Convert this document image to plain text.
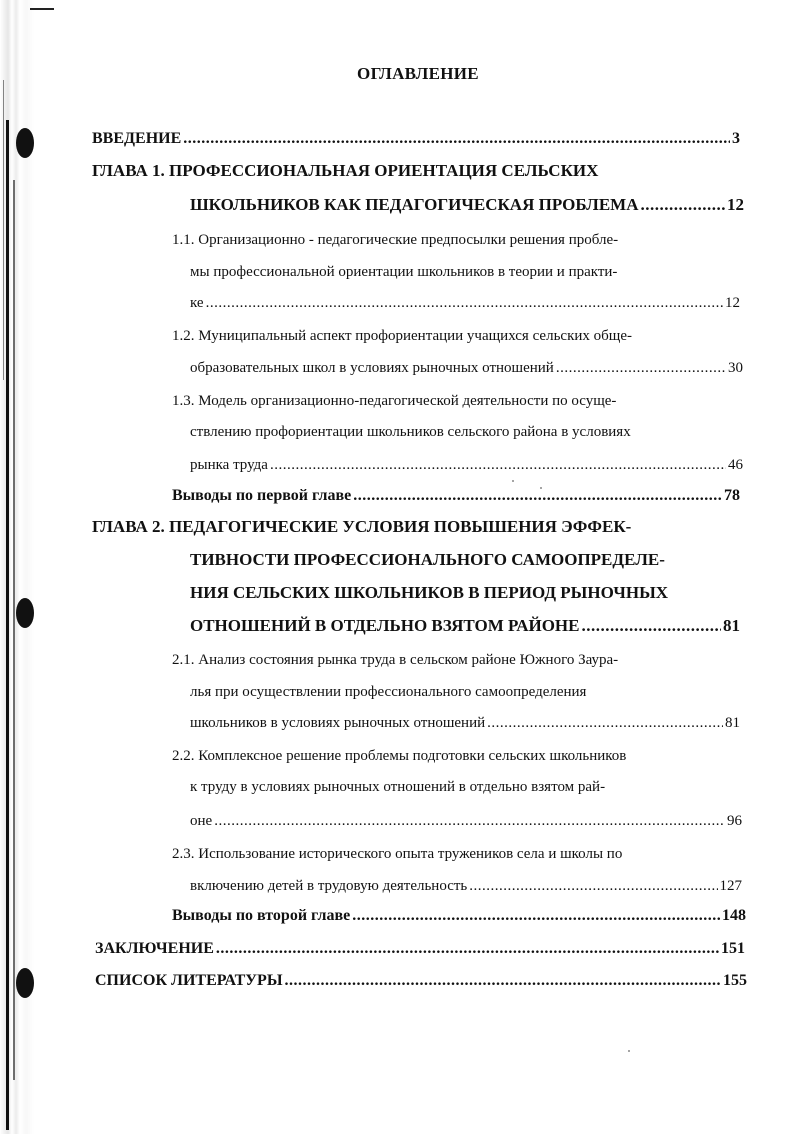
ОГЛАВЛЕНИЕ
ВВЕДЕНИЕ .....	3
ГЛАВА 1. ПРОФЕССИОНАЛЬНАЯ ОРИЕНТАЦИЯ СЕЛЬСКИХ
ШКОЛЬНИКОВ КАК ПЕДАГОГИЧЕСКАЯ ПРОБЛЕМА .....	12
1.1. Организационно - педагогические предпосылки решения пробле-
мы профессиональной ориентации школьников в теории и практи-
ке .....	12
1.2. Муниципальный аспект профориентации учащихся сельских обще-
образовательных школ в условиях рыночных отношений .....	30
1.3. Модель организационно-педагогической деятельности по осуще-
ствлению профориентации школьников сельского района в условиях
рынка труда .....	46
Выводы по первой главе .....	78
ГЛАВА 2. ПЕДАГОГИЧЕСКИЕ УСЛОВИЯ ПОВЫШЕНИЯ ЭФФЕК-
ТИВНОСТИ ПРОФЕССИОНАЛЬНОГО САМООПРЕДЕЛЕ-
НИЯ СЕЛЬСКИХ ШКОЛЬНИКОВ В ПЕРИОД РЫНОЧНЫХ
ОТНОШЕНИЙ В ОТДЕЛЬНО ВЗЯТОМ РАЙОНЕ .....	81
2.1. Анализ состояния рынка труда в сельском районе Южного Заура-
лья при осуществлении профессионального самоопределения
школьников в условиях рыночных отношений .....	81
2.2. Комплексное решение проблемы подготовки сельских школьников
к труду в условиях рыночных отношений в отдельно взятом рай-
оне .....	96
2.3. Использование исторического опыта тружеников села и школы по
включению детей в трудовую деятельность .....	127
Выводы по второй главе .....	148
ЗАКЛЮЧЕНИЕ .....	151
СПИСОК ЛИТЕРАТУРЫ .....	155
